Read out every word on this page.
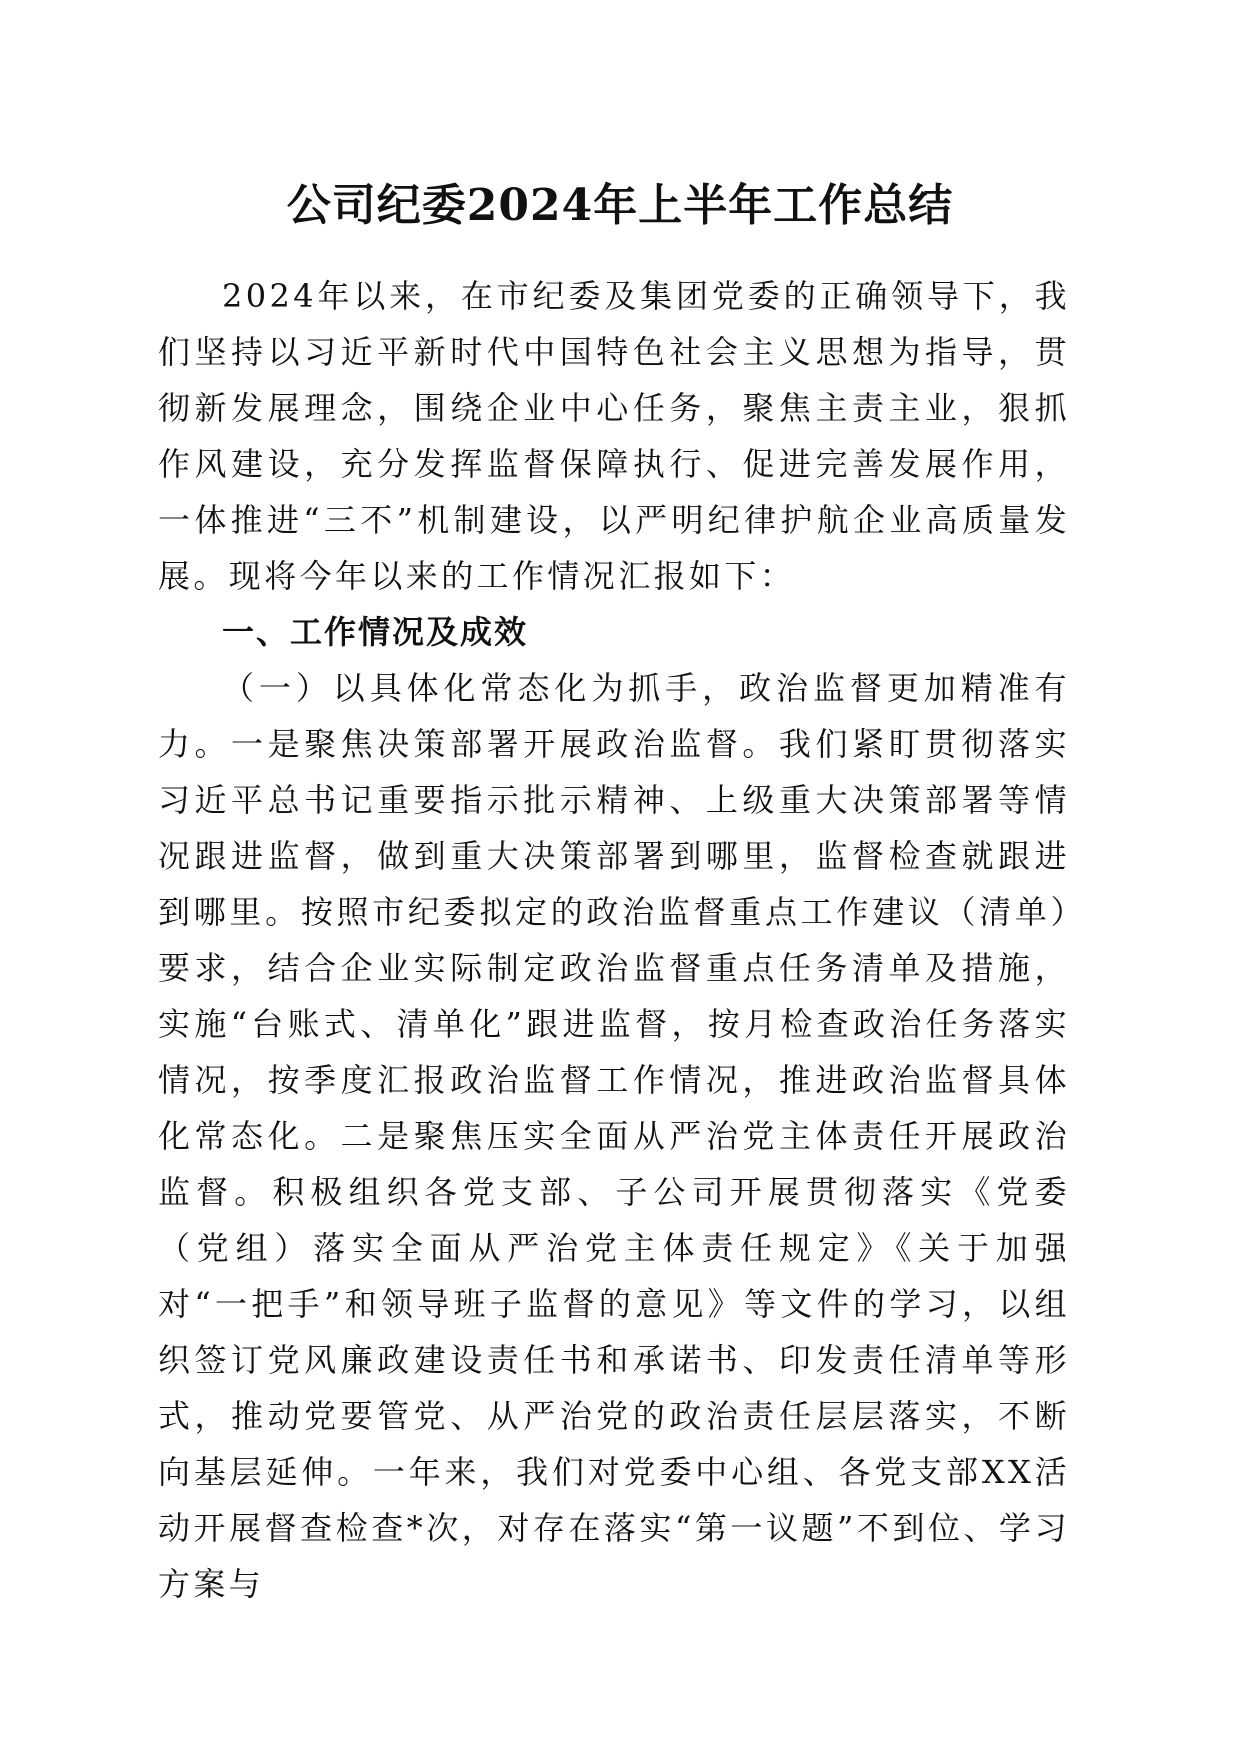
公司纪委2024年上半年工作总结

2024年以来，在市纪委及集团党委的正确领导下，我们坚持以习近平新时代中国特色社会主义思想为指导，贯彻新发展理念，围绕企业中心任务，聚焦主责主业，狠抓作风建设，充分发挥监督保障执行、促进完善发展作用，一体推进“三不”机制建设，以严明纪律护航企业高质量发展。现将今年以来的工作情况汇报如下：

一、工作情况及成效

（一）以具体化常态化为抓手，政治监督更加精准有力。一是聚焦决策部署开展政治监督。我们紧盯贯彻落实习近平总书记重要指示批示精神、上级重大决策部署等情况跟进监督，做到重大决策部署到哪里，监督检查就跟进到哪里。按照市纪委拟定的政治监督重点工作建议（清单）要求，结合企业实际制定政治监督重点任务清单及措施，实施“台账式、清单化”跟进监督，按月检查政治任务落实情况，按季度汇报政治监督工作情况，推进政治监督具体化常态化。二是聚焦压实全面从严治党主体责任开展政治监督。积极组织各党支部、子公司开展贯彻落实《党委（党组）落实全面从严治党主体责任规定》《关于加强对“一把手”和领导班子监督的意见》等文件的学习，以组织签订党风廉政建设责任书和承诺书、印发责任清单等形式，推动党要管党、从严治党的政治责任层层落实，不断向基层延伸。一年来，我们对党委中心组、各党支部XX活动开展督查检查*次，对存在落实“第一议题”不到位、学习方案与
